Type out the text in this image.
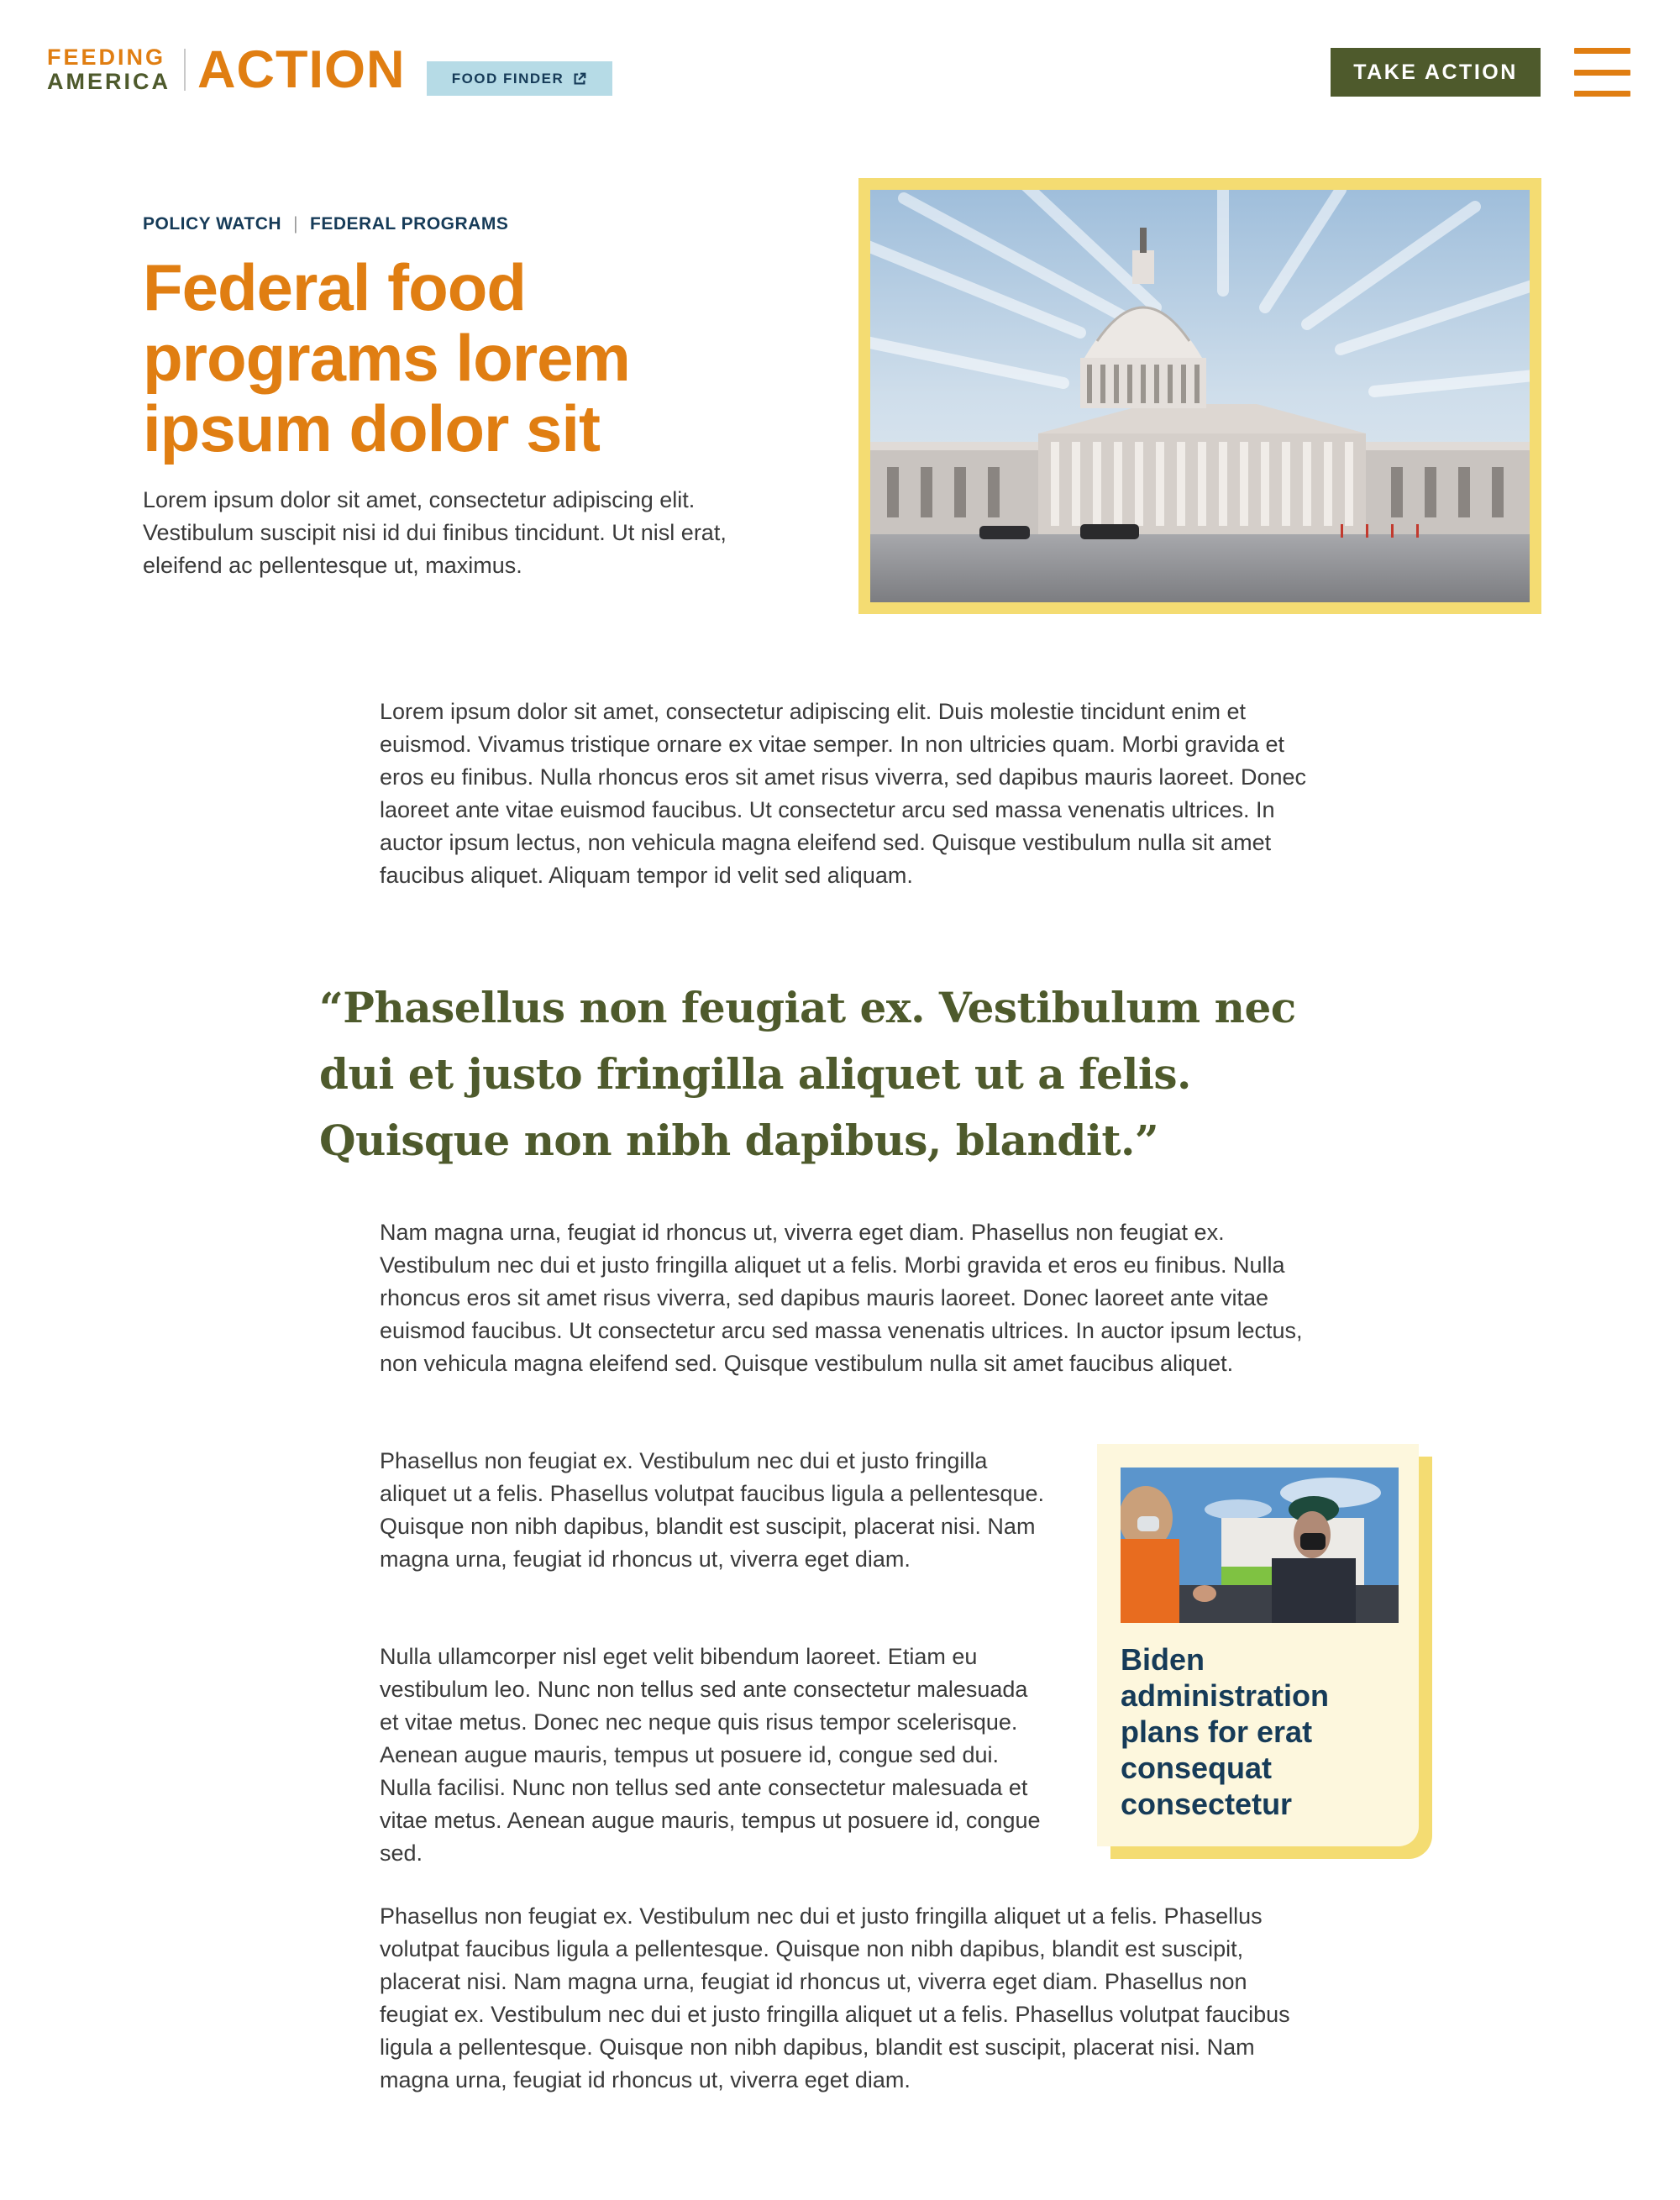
FEEDING
AMERICA ACTION	FOOD FINDER	TAKE ACTION
POLICY WATCH | FEDERAL PROGRAMS
Federal food programs lorem ipsum dolor sit

Lorem ipsum dolor sit amet, consectetur adipiscing elit. Vestibulum suscipit nisi id dui finibus tincidunt. Ut nisl erat, eleifend ac pellentesque ut, maximus.

Lorem ipsum dolor sit amet, consectetur adipiscing elit. Duis molestie tincidunt enim et euismod. Vivamus tristique ornare ex vitae semper. In non ultricies quam. Morbi gravida et eros eu finibus. Nulla rhoncus eros sit amet risus viverra, sed dapibus mauris laoreet. Donec laoreet ante vitae euismod faucibus. Ut consectetur arcu sed massa venenatis ultrices. In auctor ipsum lectus, non vehicula magna eleifend sed. Quisque vestibulum nulla sit amet faucibus aliquet. Aliquam tempor id velit sed aliquam.

“Phasellus non feugiat ex. Vestibulum nec dui et justo fringilla aliquet ut a felis. Quisque non nibh dapibus, blandit.”

Nam magna urna, feugiat id rhoncus ut, viverra eget diam. Phasellus non feugiat ex. Vestibulum nec dui et justo fringilla aliquet ut a felis. Morbi gravida et eros eu finibus. Nulla rhoncus eros sit amet risus viverra, sed dapibus mauris laoreet. Donec laoreet ante vitae euismod faucibus. Ut consectetur arcu sed massa venenatis ultrices. In auctor ipsum lectus, non vehicula magna eleifend sed. Quisque vestibulum nulla sit amet faucibus aliquet.

Phasellus non feugiat ex. Vestibulum nec dui et justo fringilla aliquet ut a felis. Phasellus volutpat faucibus ligula a pellentesque. Quisque non nibh dapibus, blandit est suscipit, placerat nisi. Nam magna urna, feugiat id rhoncus ut, viverra eget diam.

Nulla ullamcorper nisl eget velit bibendum laoreet. Etiam eu vestibulum leo. Nunc non tellus sed ante consectetur malesuada et vitae metus. Donec nec neque quis risus tempor scelerisque. Aenean augue mauris, tempus ut posuere id, congue sed dui. Nulla facilisi. Nunc non tellus sed ante consectetur malesuada et vitae metus. Aenean augue mauris, tempus ut posuere id, congue sed.

Biden administration plans for erat consequat consectetur

Phasellus non feugiat ex. Vestibulum nec dui et justo fringilla aliquet ut a felis. Phasellus volutpat faucibus ligula a pellentesque. Quisque non nibh dapibus, blandit est suscipit, placerat nisi. Nam magna urna, feugiat id rhoncus ut, viverra eget diam. Phasellus non feugiat ex. Vestibulum nec dui et justo fringilla aliquet ut a felis. Phasellus volutpat faucibus ligula a pellentesque. Quisque non nibh dapibus, blandit est suscipit, placerat nisi. Nam magna urna, feugiat id rhoncus ut, viverra eget diam.
